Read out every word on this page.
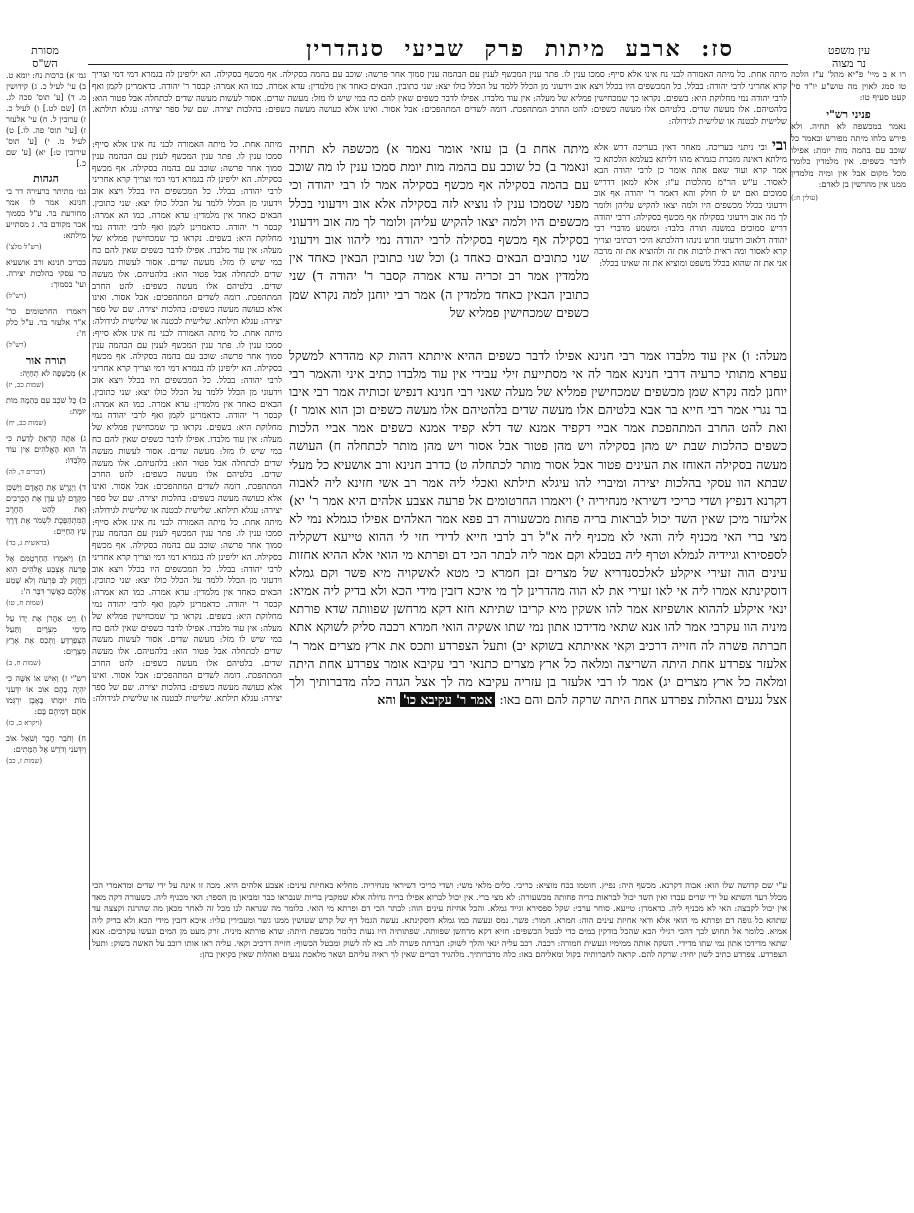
מסורת
הש"ס
סז: ארבע מיתות פרק שביעי סנהדרין	עין משפט
נר מצוה
רו א ב מיי' פ"יא מהל' ע"ז הלכה טו סמג לאוין מה טוש"ע יו"ד סי' קעט סעיף טו:
פניני רש"י
נאמר במכשפה לא תחיה. ולא פירש בלחו מיתה מפורש ובאמר כל שוכב עם בהמה מות יומת: אפילו לדבר כשפים. אין מלמדין כלומר מכל מקום אבל אין ומיה מלמדין ממנו אין מהרשין בן לאדם:
(עולין ח:)
גמ׳ א) ברכות נח: יומא ט. ב) עי' לעיל כ. ג) קידושין מ. ד) [ע' תוס' סכה לג. ה) [שם לט.] ו) לעיל כ. ז) ערובין ל. ח) עי' אלעזר ז) [עי' תוס' פה. לו.] ט) לעיל מ. י) [ע' תוס' עירובין ט:] יא) [ע' שם כ.]
הגהות
גמ׳ מתיתר ברעירה דר בי חנינא אמר לו אמר מחורעת בר. ע"ל בסמוך אבר מקודם בר. ג מסתייע מילתא:
(רש"ל מלצ')
בכריב חנינא ורב אושעיא כר עסקי בהלכות יצירה. ועי' בסמוך:
(רש"ל)
ויאמרו החרטומים כר' א"ר אלעזר בר. ע"ל כלק ח':
(רש"ל)
תורה אור
א) מְכַשֵּׁפָה לֹא תְחַיֶּה:
(שמות כב, יז)
ב) כָּל שֹׁכֵב עִם בְּהֵמָה מוֹת יוּמָת:
(שמות כב, יח)
ג) אַתָּה הָרְאֵתָ לָדַעַת כִּי ה' הוּא הָאֱלֹהִים אֵין עוֹד מִלְּבַדּוֹ:
(דברים ד, לה)
ד) וַיְגָרֶשׁ אֶת הָאָדָם וַיַּשְׁכֵּן מִקֶּדֶם לְגַן עֵדֶן אֶת הַכְּרֻבִים וְאֵת לַהַט הַחֶרֶב הַמִּתְהַפֶּכֶת לִשְׁמֹר אֶת דֶּרֶךְ עֵץ הַחַיִּים:
(בראשית ג, כד)
ה) וַיֹּאמְרוּ הַחַרְטֻמִּם אֶל פַּרְעֹה אֶצְבַּע אֱלֹהִים הִוא וַיֶּחֱזַק לֵב פַּרְעֹה וְלֹא שָׁמַע אֲלֵהֶם כַּאֲשֶׁר דִּבֶּר ה':
(שמות ח, טו)
ו) וַיֵּט אַהֲרֹן אֶת יָדוֹ עַל מֵימֵי מִצְרָיִם וַתַּעַל הַצְּפַרְדֵּעַ וַתְּכַס אֶת אֶרֶץ מִצְרָיִם:
(שמות ח, ב)
רש"י ז) וְאִישׁ אוֹ אִשָּׁה כִּי יִהְיֶה בָהֶם אוֹב אוֹ יִדְּעֹנִי מוֹת יוּמָתוּ בָּאֶבֶן יִרְגְּמוּ אֹתָם דְּמֵיהֶם בָּם:
(ויקרא כ, כז)
ח) וְחֹבֵר חָבֶר וְשֹׁאֵל אוֹב וְיִדְּעֹנִי וְדֹרֵשׁ אֶל הַמֵּתִים:
(שמות ז, כב)
מיתה אחת. כל מיתה האמורה לבני נח אינו אלא סייף: סמכו ענין לו. פתר ענין המכשף לענין עם הבהמה ענין סמוך אחר פרשה: שוכב עם בהמה בסקילה. אף מכשף בסקילה. הא יליפינן לה בגמרא דמי דמי וצריך קרא אחריני לרבי יהודה: בבלל. כל המכשפים היו בכלל ויצא אוב וידעוני מן הכלל ללמד על הכלל כולו יצא: שני כתובין. הבאים כאחד אין מלמדין: עדא אמרה. כמו הא אמרה: קבסר ר' יהודה. כדאמרינן לקמן ואף לרבי יהודה נמי מחלוקת היא: בשפים. נקראו כך שמכחישין פמליא של מעלה: אין עוד מלבדו. אפילו לדבר כשפים שאין להם כח במי שיש לו מזל: מעשה שדים. אסור לעשות מעשה שדים לכתחלה אבל פטור הוא: בלהטיהם. אלו מעשה שדים. בלטיהם אלו מעשה כשפים: להט החרב המתהפכת. דומה לשדים המתהפכים: אבל אסור. ואינו אלא כעושה מעשה כשפים: בהלכות יצירה. שם של ספר יצירה: עגלא תילתא. שלישית לבטנה או שלישית לגידולה:
מיתה אחת. כל מיתה האמורה לבני נח אינו אלא סייף: סמכו ענין לו. פתר ענין המכשף לענין עם הבהמה ענין סמוך אחר פרשה: שוכב עם בהמה בסקילה. אף מכשף בסקילה. הא יליפינן לה בגמרא דמי דמי וצריך קרא אחריני לרבי יהודה: בבלל. כל המכשפים היו בכלל ויצא אוב וידעוני מן הכלל ללמד על הכלל כולו יצא: שני כתובין. הבאים כאחד אין מלמדין: עדא אמרה. כמו הא אמרה: קבסר ר' יהודה. כדאמרינן לקמן ואף לרבי יהודה נמי מחלוקת היא: בשפים. נקראו כך שמכחישין פמליא של מעלה: אין עוד מלבדו. אפילו לדבר כשפים שאין להם כח במי שיש לו מזל: מעשה שדים. אסור לעשות מעשה שדים לכתחלה אבל פטור הוא: בלהטיהם. אלו מעשה שדים. בלטיהם אלו מעשה כשפים: להט החרב המתהפכת. דומה לשדים המתהפכים: אבל אסור. ואינו אלא כעושה מעשה כשפים: בהלכות יצירה. שם של ספר יצירה: עגלא תילתא. שלישית לבטנה או שלישית לגידולה: מיתה אחת. כל מיתה האמורה לבני נח אינו אלא סייף: סמכו ענין לו. פתר ענין המכשף לענין עם הבהמה ענין סמוך אחר פרשה: שוכב עם בהמה בסקילה. אף מכשף בסקילה. הא יליפינן לה בגמרא דמי דמי וצריך קרא אחריני לרבי יהודה: בבלל. כל המכשפים היו בכלל ויצא אוב וידעוני מן הכלל ללמד על הכלל כולו יצא: שני כתובין. הבאים כאחד אין מלמדין: עדא אמרה. כמו הא אמרה: קבסר ר' יהודה. כדאמרינן לקמן ואף לרבי יהודה נמי מחלוקת היא: בשפים. נקראו כך שמכחישין פמליא של מעלה: אין עוד מלבדו. אפילו לדבר כשפים שאין להם כח במי שיש לו מזל: מעשה שדים. אסור לעשות מעשה שדים לכתחלה אבל פטור הוא: בלהטיהם. אלו מעשה שדים. בלטיהם אלו מעשה כשפים: להט החרב המתהפכת. דומה לשדים המתהפכים: אבל אסור. ואינו אלא כעושה מעשה כשפים: בהלכות יצירה. שם של ספר יצירה: עגלא תילתא. שלישית לבטנה או שלישית לגידולה: מיתה אחת. כל מיתה האמורה לבני נח אינו אלא סייף: סמכו ענין לו. פתר ענין המכשף לענין עם הבהמה ענין סמוך אחר פרשה: שוכב עם בהמה בסקילה. אף מכשף בסקילה. הא יליפינן לה בגמרא דמי דמי וצריך קרא אחריני לרבי יהודה: בבלל. כל המכשפים היו בכלל ויצא אוב וידעוני מן הכלל ללמד על הכלל כולו יצא: שני כתובין. הבאים כאחד אין מלמדין: עדא אמרה. כמו הא אמרה: קבסר ר' יהודה. כדאמרינן לקמן ואף לרבי יהודה נמי מחלוקת היא: בשפים. נקראו כך שמכחישין פמליא של מעלה: אין עוד מלבדו. אפילו לדבר כשפים שאין להם כח במי שיש לו מזל: מעשה שדים. אסור לעשות מעשה שדים לכתחלה אבל פטור הוא: בלהטיהם. אלו מעשה שדים. בלטיהם אלו מעשה כשפים: להט החרב המתהפכת. דומה לשדים המתהפכים: אבל אסור. ואינו אלא כעושה מעשה כשפים: בהלכות יצירה. שם של ספר יצירה: עגלא תילתא. שלישית לבטנה או שלישית לגידולה:
ובי ובי ניתני בעריכה. מאחר דאין בעריכה דרש אלא מילתא דאינה מזכרת בגמרא מהו דליתא בעלמא הלכתא כי אמר קרא ועוד שאם אתה אומר כן לרבי יהודה הבא לאסור. ע"ש הר"מ מהלכות ע"ז: אלא למאן דדריש סמוכים ואם יש לו חולק והא דאמר ר' יהודה אף אוב וידעוני בכלל מכשפים היו ולמה יצאו להקיש עליהן ולומר לך מה אוב וידעוני בסקילה אף מכשף בסקילה: דרבי יהודה דריש סמוכים במשנה תורה בלבד: ומשמע מדברי רבי יהודה דלאוב וידעוני חדש נינהו דהלכתא היכי דכתיבי וצריך קרא לאסור ומה ראית לרבות את זה ולהוציא את זה מרבה אני את זה שהוא בכלל משפט ומוציא את זה שאינו בכלל:
מיתה אחת ב) בן עזאי אומר נאמר א) מכשפה לא תחיה ונאמר ב) כל שוכב עם בהמה מות יומת סמכו ענין לו מה שוכב עם בהמה בסקילה אף מכשף בסקילה אמר לו רבי יהודה וכי מפני שסמכו ענין לו נוציא לזה בסקילה אלא אוב וידעוני בכלל מכשפים היו ולמה יצאו להקיש עליהן ולומר לך מה אוב וידעוני בסקילה אף מכשף בסקילה לרבי יהודה נמי ליהוו אוב וידעוני שני כתובים הבאים כאחד ג) וכל שני כתובין הבאין כאחד אין מלמדין אמר רב זכריה עדא אמרה קסבר ר' יהודה ד) שני כתובין הבאין כאחד מלמדין ה) אמר רבי יוחנן למה נקרא שמן כשפים שמכחישין פמליא של
מעלה: ו) אין עוד מלבדו אמר רבי חנינא אפילו לדבר כשפים ההיא איתתא דהות קא מהדרא למשקל עפרא מתותי כרעיה דרבי חנינא אמר לה אי מסתייעת זילי עבידי אין עוד מלבדו כתיב איני והאמר רבי יוחנן למה נקרא שמן מכשפים שמכחישין פמליא של מעלה שאני רבי חנינא דנפיש זכותיה אמר רבי איבו בר נגרי אמר רבי חייא בר אבא בלטיהם אלו מעשה שדים בלהטיהם אלו מעשה כשפים וכן הוא אומר ז) ואת להט החרב המתהפכת אמר אביי דקפיד אמנא שד דלא קפיד אמנא כשפים אמר אביי הלכות כשפים כהלכות שבת יש מהן בסקילה ויש מהן פטור אבל אסור ויש מהן מותר לכתחלה ח) העושה מעשה בסקילה האוחז את העינים פטור אבל אסור מותר לכתחלה ט) כדרב חנינא ורב אושעיא כל מעלי שבתא הוו עסקי בהלכות יצירה ומיברי להו עיגלא תילתא ואכלי ליה אמר רב אשי חזינא ליה לאבוה דקרנא דנפיץ ושדי כריכי דשיראי מנחיריה י) ויאמרו החרטומים אל פרעה אצבע אלהים היא אמר ר' יא) אליעזר מיכן שאין השד יכול לבראות בריה פחות מכשעורה רב פפא אמר האלהים אפילו כגמלא נמי לא מצי ברי האי מכניף ליה והאי לא מכניף ליה א"ל רב לרבי חייא לדידי חזי לי ההוא טייעא דשקליה לספסירא וגיידיה לגמלא וטרף ליה בטבלא וקם אמר ליה לבתר הכי דם ופרתא מי הואי אלא ההיא אחזות עינים הוה זעירי איקלע לאלכסנדריא של מצרים זבן חמרא כי מטא לאשקויה מיא פשר וקם גמלא דוסקינתא אמרו ליה אי לאו זעירי את לא הוה מהדרינן לך מי איכא דזבין מידי הכא ולא בדיק ליה אמיא: ינאי איקלע לההוא אושפיזא אמר להו אשקין מיא קריבו שתיתא חזא דקא מרחשן שפוותה שדא פורתא מיניה הוו עקרבי אמר להו אנא שתאי מדידכו אתון נמי שתו אשקיה הואי חמרא רכבה סליק לשוקא אתא חברתה פשרה לה חזייה דרכיב וקאי אאיתתא בשוקא יב) ותעל הצפרדע ותכס את ארץ מצרים אמר ר' אלעזר צפרדע אחת היתה השריצה ומלאה כל ארץ מצרים כתנאי רבי עקיבא אומר צפרדע אחת היתה ומלאה כל ארץ מצרים יג) אמר לו רבי אלעזר בן עזריה עקיבא מה לך אצל הגדה כלה מדברותיך ולך אצל נגעים ואהלות צפרדע אחת היתה שרקה להם והם באו: אמר ר' עקיבא כו' והא
ע"י שם קדושה שלו הוא: אבוה דקרנא. מכשף היה: נפיץ. חוטמו בכח מוציא: כריכי. כלים מלאי משי: ושדי כריכי דשיראי מנחיריה. מחליא באחיזת עינים: אצבע אלהים היא. מכה זו אינה על ידי שדים ומדאמרי הכי מכלל דעד השתא על ידי שדים עבדו ואין השד יכול לבראות בריה פחותה מכשעורה: לא מצי ברי. אין יכול לברוא אפילו בריה גדולה אלא שמקבץ בריות שנבראו כבר ומביאן מן הספר: האי מכניף ליה. כשעורה דקה מאד אין יכול לקבצה: האי לא מכניף ליה. כדאמרן: טייעא. סוחר ערבי: שקל ספסירא וגייד גמלא. והכל אחיזת עינים הוה: לבתר הכי דם ופרתא מי הואי. כלומר מה שנראה לנו מכל זה לאחר מכאן מה שהרגה וקצצה עד שתהא כל גופה דם ופרתא מי הואי אלא ודאי אחיזת עינים הוה: חמרא. חמור: פשר. נמס ונעשה כמו גמלא דוסקינתא. נעשה הגמל דף של קרש שעושין ממנו גשר ומעבירין עליו: איכא דזבין מידי הכא ולא בדיק ליה אמיא. כלומר אל תחוש לכך דהכי רגילי הכא שהכל בודקין במים כדי לבטל הכשפים: חזיא דקא מרחשן שפוותה. שפתותיה היו נעות כלומר מכשפת היתה: שדא פורתא מיניה. זרק מעט מן המים ונעשו עקרבים: אנא שתאי מדידכו אתון נמי שתו מדידי. השקה אותה ממימיו ונעשית חמורה: רכבה. רכב עליה ינאי והלך לשוק: חברתה פשרה לה. בא לה לשוק ומבטל הכשוף: חזייה דרכיב וקאי. עליה ראו אותו רוכב על האשה בשוק: ותעל הצפרדע. צפרדע כתיב לשון יחיד: שרקה להם. קראה לחברותיה בקול ומאליהם באו: כלה מדברותיך. מלהגיד דברים שאין לך ראיה עליהם ושאר מלאכת נגעים ואהלות שאין בקיאין בהן:
